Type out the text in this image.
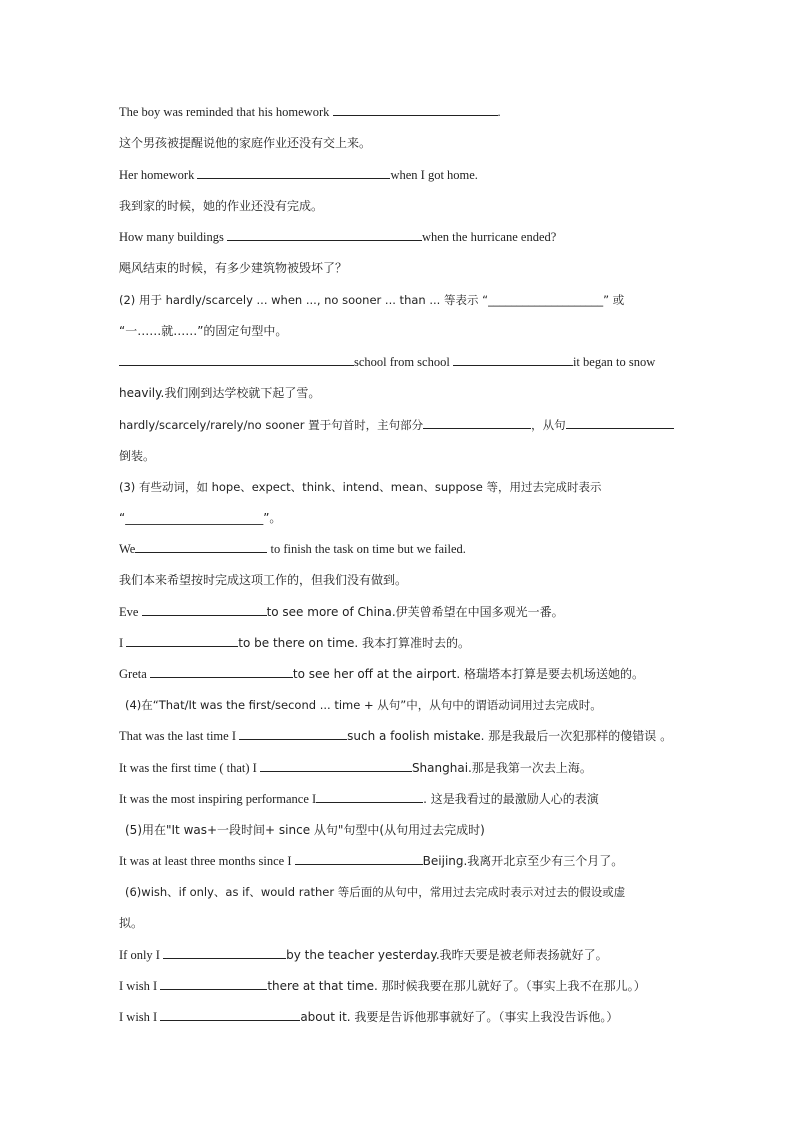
The boy was reminded that his homework	.
这个男孩被提醒说他的家庭作业还没有交上来。
Her homework	when I got home.
我到家的时候，她的作业还没有完成。
How many buildings	when the hurricane ended?
飓风结束的时候，有多少建筑物被毁坏了？
(2) 用于 hardly/scarcely ... when ..., no sooner ... than ... 等表示 “____________________” 或
“一……就……”的固定句型中。
school from school	it began to snow
heavily.我们刚到达学校就下起了雪。
hardly/scarcely/rarely/no sooner 置于句首时，主句部分	，从句
倒装。
(3) 有些动词，如 hope、expect、think、intend、mean、suppose 等，用过去完成时表示
“_______________________”。
We	to finish the task on time but we failed.
我们本来希望按时完成这项工作的，但我们没有做到。
Eve	to see more of China.伊芙曾希望在中国多观光一番。
I	to be there on time. 我本打算准时去的。
Greta	to see her off at the airport. 格瑞塔本打算是要去机场送她的。
(4)在“That/It was the first/second ... time + 从句”中，从句中的谓语动词用过去完成时。
That was the last time I	such a foolish mistake. 那是我最后一次犯那样的傻错误 。
It was the first time ( that) I	Shanghai.那是我第一次去上海。
It was the most inspiring performance I	. 这是我看过的最激励人心的表演
(5)用在"It was+一段时间+ since 从句"句型中(从句用过去完成时)
It was at least three months since I	Beijing.我离开北京至少有三个月了。
(6)wish、if only、as if、would rather 等后面的从句中，常用过去完成时表示对过去的假设或虚
拟。
If only I	by the teacher yesterday.我昨天要是被老师表扬就好了。
I wish I	there at that time. 那时候我要在那儿就好了。（事实上我不在那儿。）
I wish I	about it. 我要是告诉他那事就好了。（事实上我没告诉他。）
